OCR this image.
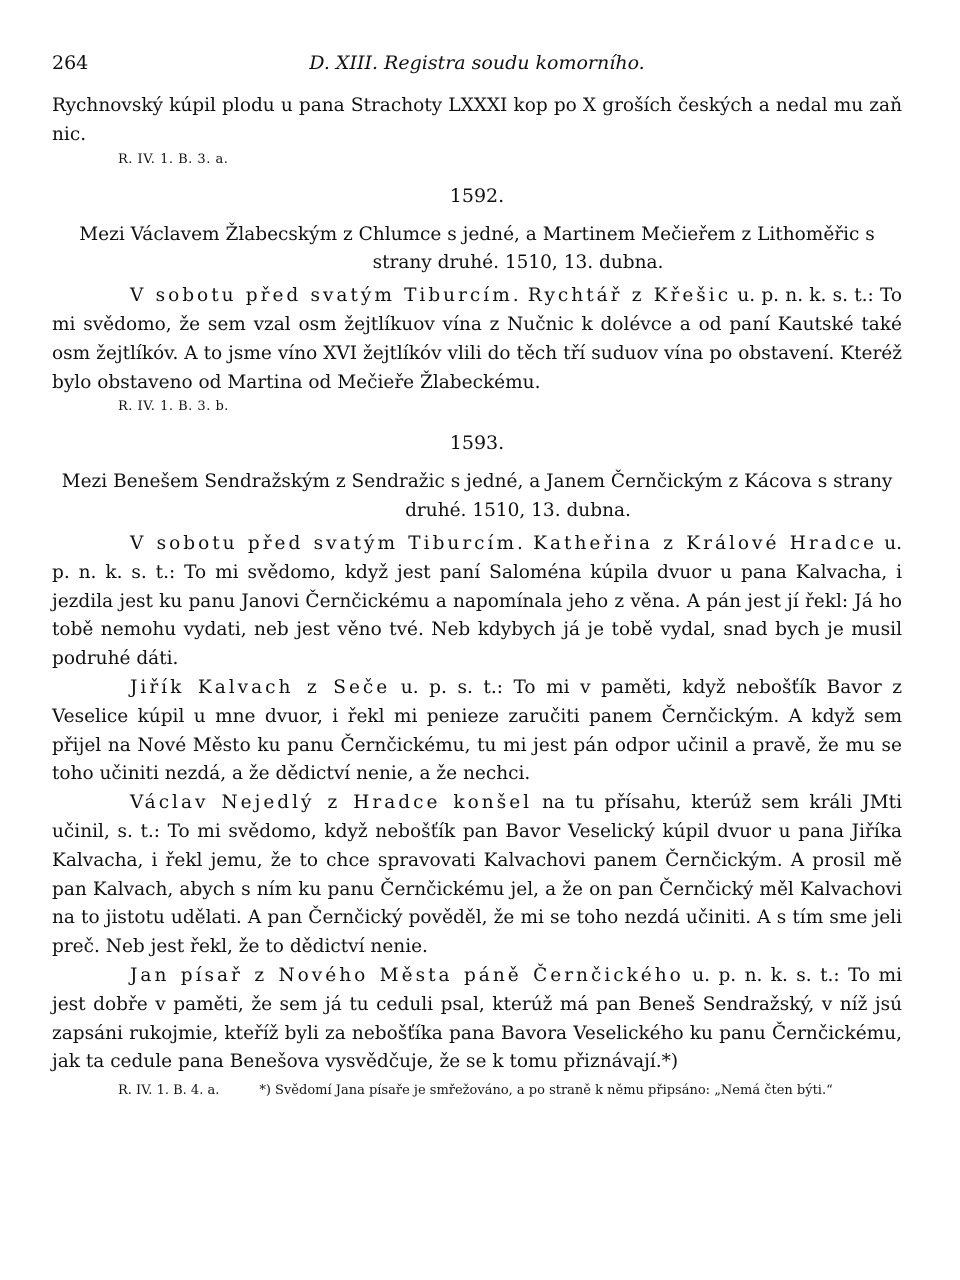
264	D. XIII. Registra soudu komorního.

Rychnovský kúpil plodu u pana Strachoty LXXXI kop po X groších českých a nedal mu zaň nic.

R. IV. 1. B. 3. a.
1592.

Mezi Václavem Žlabecským z Chlumce s jedné, a Martinem Mečieřem z Lithoměřic s strany druhé. 1510, 13. dubna.

V sobotu před svatým Tiburcím. Rychtář z Křešic u. p. n. k. s. t.: To mi svědomo, že sem vzal osm žejtlíkuov vína z Nučnic k dolévce a od paní Kautské také osm žejtlíkóv. A to jsme víno XVI žejtlíkóv vlili do těch tří suduov vína po obstavení. Kteréž bylo obstaveno od Martina od Mečieře Žlabeckému.

R. IV. 1. B. 3. b.
1593.

Mezi Benešem Sendražským z Sendražic s jedné, a Janem Černčickým z Kácova s strany druhé. 1510, 13. dubna.

V sobotu před svatým Tiburcím. Katheřina z Králové Hradce u. p. n. k. s. t.: To mi svědomo, když jest paní Saloména kúpila dvuor u pana Kalvacha, i jezdila jest ku panu Janovi Černčickému a napomínala jeho z věna. A pán jest jí řekl: Já ho tobě nemohu vydati, neb jest věno tvé. Neb kdybych já je tobě vydal, snad bych je musil podruhé dáti.

Jiřík Kalvach z Seče u. p. s. t.: To mi v paměti, když nebošťík Bavor z Veselice kúpil u mne dvuor, i řekl mi penieze zaručiti panem Černčickým. A když sem přijel na Nové Město ku panu Černčickému, tu mi jest pán odpor učinil a pravě, že mu se toho učiniti nezdá, a že dědictví nenie, a že nechci.

Václav Nejedlý z Hradce konšel na tu přísahu, kterúž sem králi JMti učinil, s. t.: To mi svědomo, když nebošťík pan Bavor Veselický kúpil dvuor u pana Jiříka Kalvacha, i řekl jemu, že to chce spravovati Kalvachovi panem Černčickým. A prosil mě pan Kalvach, abych s ním ku panu Černčickému jel, a že on pan Černčický měl Kalvachovi na to jistotu udělati. A pan Černčický pověděl, že mi se toho nezdá učiniti. A s tím sme jeli preč. Neb jest řekl, že to dědictví nenie.

Jan písař z Nového Města páně Černčického u. p. n. k. s. t.: To mi jest dobře v paměti, že sem já tu ceduli psal, kterúž má pan Beneš Sendražský, v níž jsú zapsáni rukojmie, kteříž byli za nebošťíka pana Bavora Veselického ku panu Černčickému, jak ta cedule pana Benešova vysvědčuje, že se k tomu přiznávají.*)

R. IV. 1. B. 4. a.	*) Svědomí Jana písaře je smřežováno, a po straně k němu připsáno: „Nemá čten býti.“
